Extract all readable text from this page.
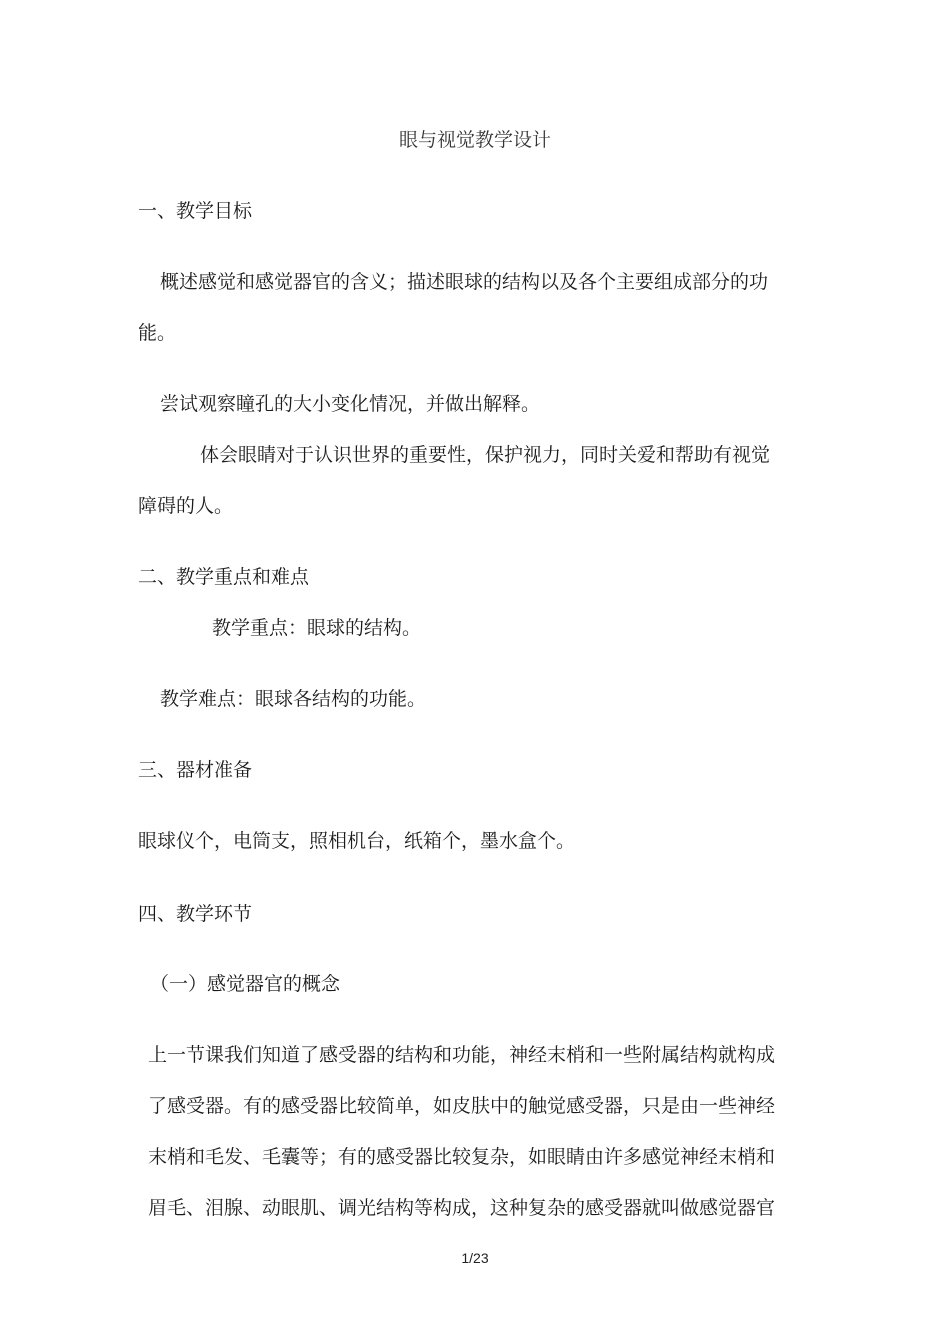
眼与视觉教学设计
一、教学目标
概述感觉和感觉器官的含义；描述眼球的结构以及各个主要组成部分的功
能。
尝试观察瞳孔的大小变化情况，并做出解释。
体会眼睛对于认识世界的重要性，保护视力，同时关爱和帮助有视觉
障碍的人。
二、教学重点和难点
教学重点：眼球的结构。
教学难点：眼球各结构的功能。
三、器材准备
眼球仪个，电筒支，照相机台，纸箱个，墨水盒个。
四、教学环节
（一）感觉器官的概念
上一节课我们知道了感受器的结构和功能，神经末梢和一些附属结构就构成
了感受器。有的感受器比较简单，如皮肤中的触觉感受器，只是由一些神经
末梢和毛发、毛囊等；有的感受器比较复杂，如眼睛由许多感觉神经末梢和
眉毛、泪腺、动眼肌、调光结构等构成，这种复杂的感受器就叫做感觉器官
1/23
